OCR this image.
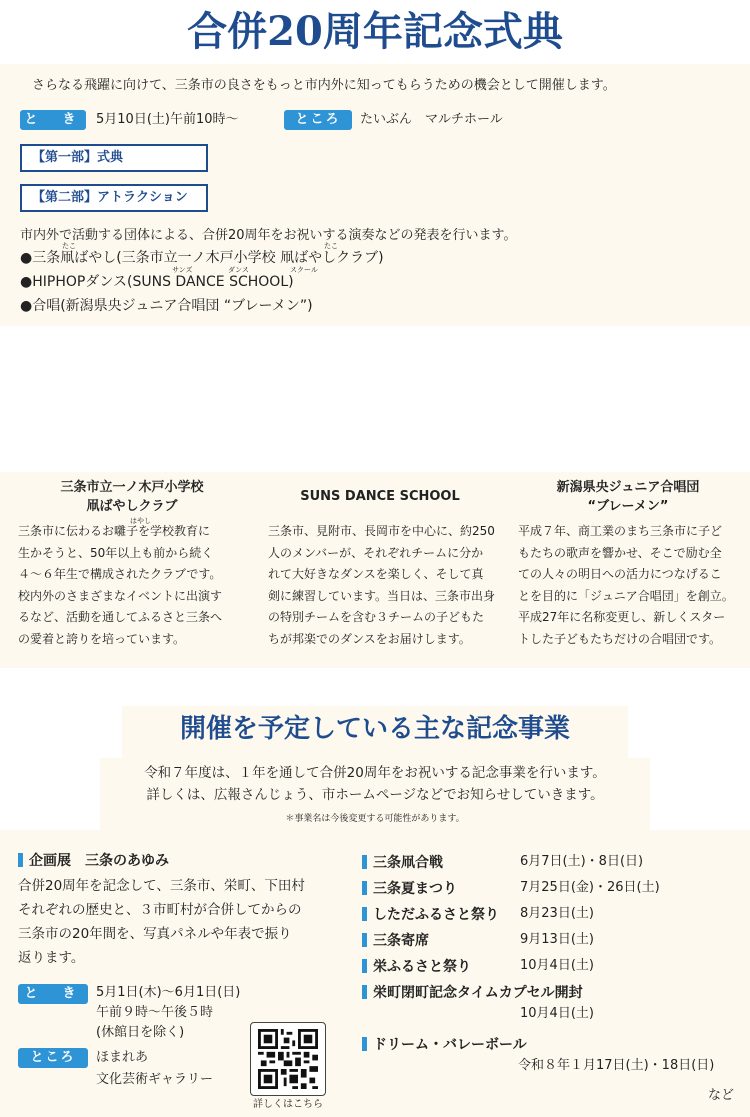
合併20周年記念式典
さらなる飛躍に向けて、三条市の良さをもっと市内外に知ってもらうための機会として開催します。
と　き	5月10日(土)午前10時〜	ところ	たいぶん　マルチホール
【第一部】式典
【第二部】アトラクション
市内外で活動する団体による、合併20周年をお祝いする演奏などの発表を行います。
たこ	たこ
●三条凧ばやし(三条市立一ノ木戸小学校 凧ばやしクラブ)
サンズ	ダンス	スクール
●HIPHOPダンス(SUNS DANCE SCHOOL)
●合唱(新潟県央ジュニア合唱団 “ブレーメン”)
三条市立一ノ木戸小学校
凧ばやしクラブ
はやし
三条市に伝わるお囃子を学校教育に
生かそうと、50年以上も前から続く
４〜６年生で構成されたクラブです。
校内外のさまざまなイベントに出演す
るなど、活動を通してふるさと三条へ
の愛着と誇りを培っています。
SUNS DANCE SCHOOL
三条市、見附市、長岡市を中心に、約250
人のメンバーが、それぞれチームに分か
れて大好きなダンスを楽しく、そして真
剣に練習しています。当日は、三条市出身
の特別チームを含む３チームの子どもた
ちが邦楽でのダンスをお届けします。
新潟県央ジュニア合唱団
“ブレーメン”
平成７年、商工業のまち三条市に子ど
もたちの歌声を響かせ、そこで励む全
ての人々の明日への活力につなげるこ
とを目的に「ジュニア合唱団」を創立。
平成27年に名称変更し、新しくスター
トした子どもたちだけの合唱団です。
開催を予定している主な記念事業
令和７年度は、１年を通して合併20周年をお祝いする記念事業を行います。
詳しくは、広報さんじょう、市ホームページなどでお知らせしていきます。
＊事業名は今後変更する可能性があります。
企画展　三条のあゆみ
合併20周年を記念して、三条市、栄町、下田村
それぞれの歴史と、３市町村が合併してからの
三条市の20年間を、写真パネルや年表で振り
返ります。
と　き	5月1日(木)〜6月1日(日)
午前９時〜午後５時
(休館日を除く)
ところ	ほまれあ
文化芸術ギャラリー
詳しくはこちら
三条凧合戦	6月7日(土)・8日(日)
三条夏まつり	7月25日(金)・26日(土)
しただふるさと祭り 8月23日(土)
三条寄席	9月13日(土)
栄ふるさと祭り	10月4日(土)
栄町閉町記念タイムカプセル開封
10月4日(土)
ドリーム・バレーボール
令和８年１月17日(土)・18日(日)
など
